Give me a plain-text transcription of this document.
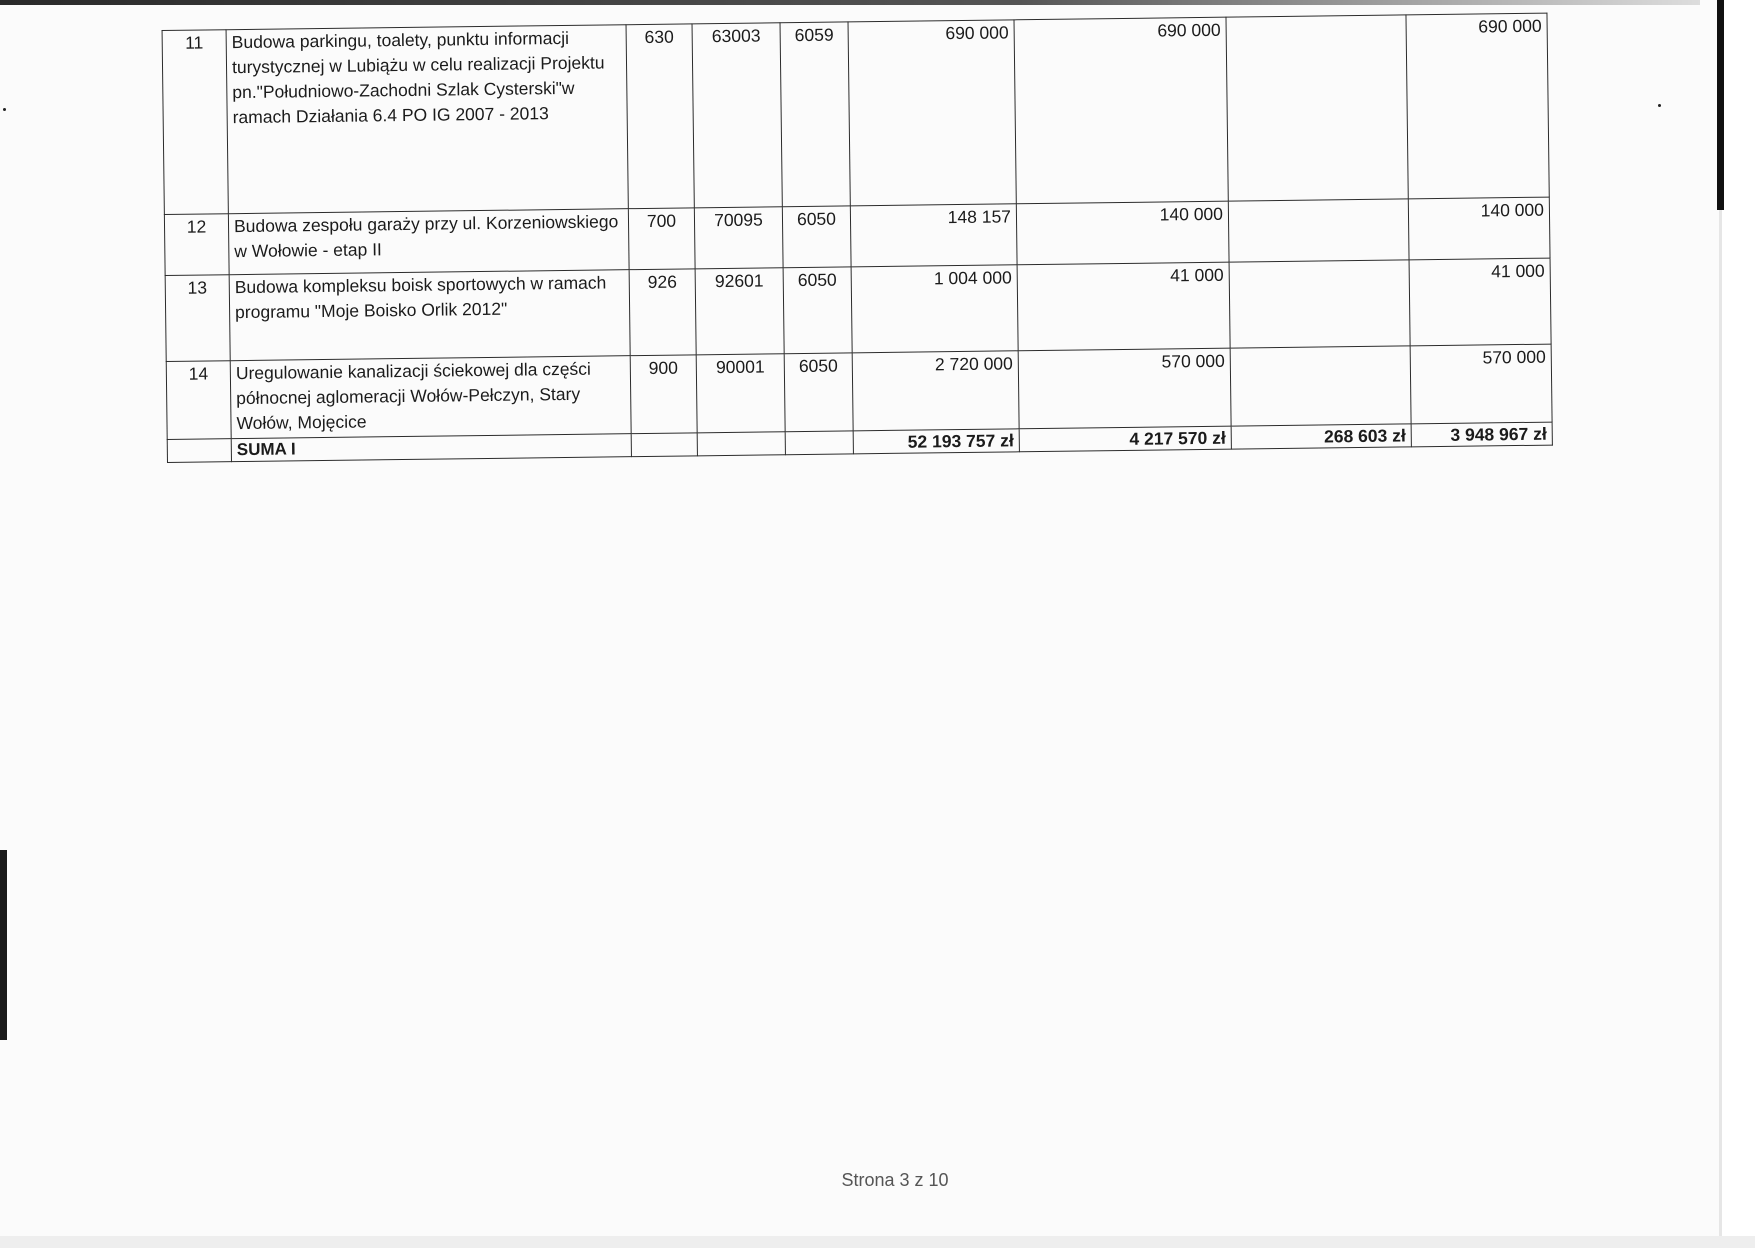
11	Budowa parkingu, toalety, punktu informacji turystycznej w Lubiążu w celu realizacji Projektu pn."Południowo-Zachodni Szlak Cysterski"w ramach Działania 6.4 PO IG 2007 - 2013	630	63003	6059	690 000	690 000		690 000
12	Budowa zespołu garaży przy ul. Korzeniowskiego w Wołowie - etap II	700	70095	6050	148 157	140 000		140 000
13	Budowa kompleksu boisk sportowych w ramach programu "Moje Boisko Orlik 2012"	926	92601	6050	1 004 000	41 000		41 000
14	Uregulowanie kanalizacji ściekowej dla części północnej aglomeracji Wołów-Pełczyn, Stary Wołów, Mojęcice	900	90001	6050	2 720 000	570 000		570 000
	SUMA I				52 193 757 zł	4 217 570 zł	268 603 zł	3 948 967 zł
Strona 3 z 10
